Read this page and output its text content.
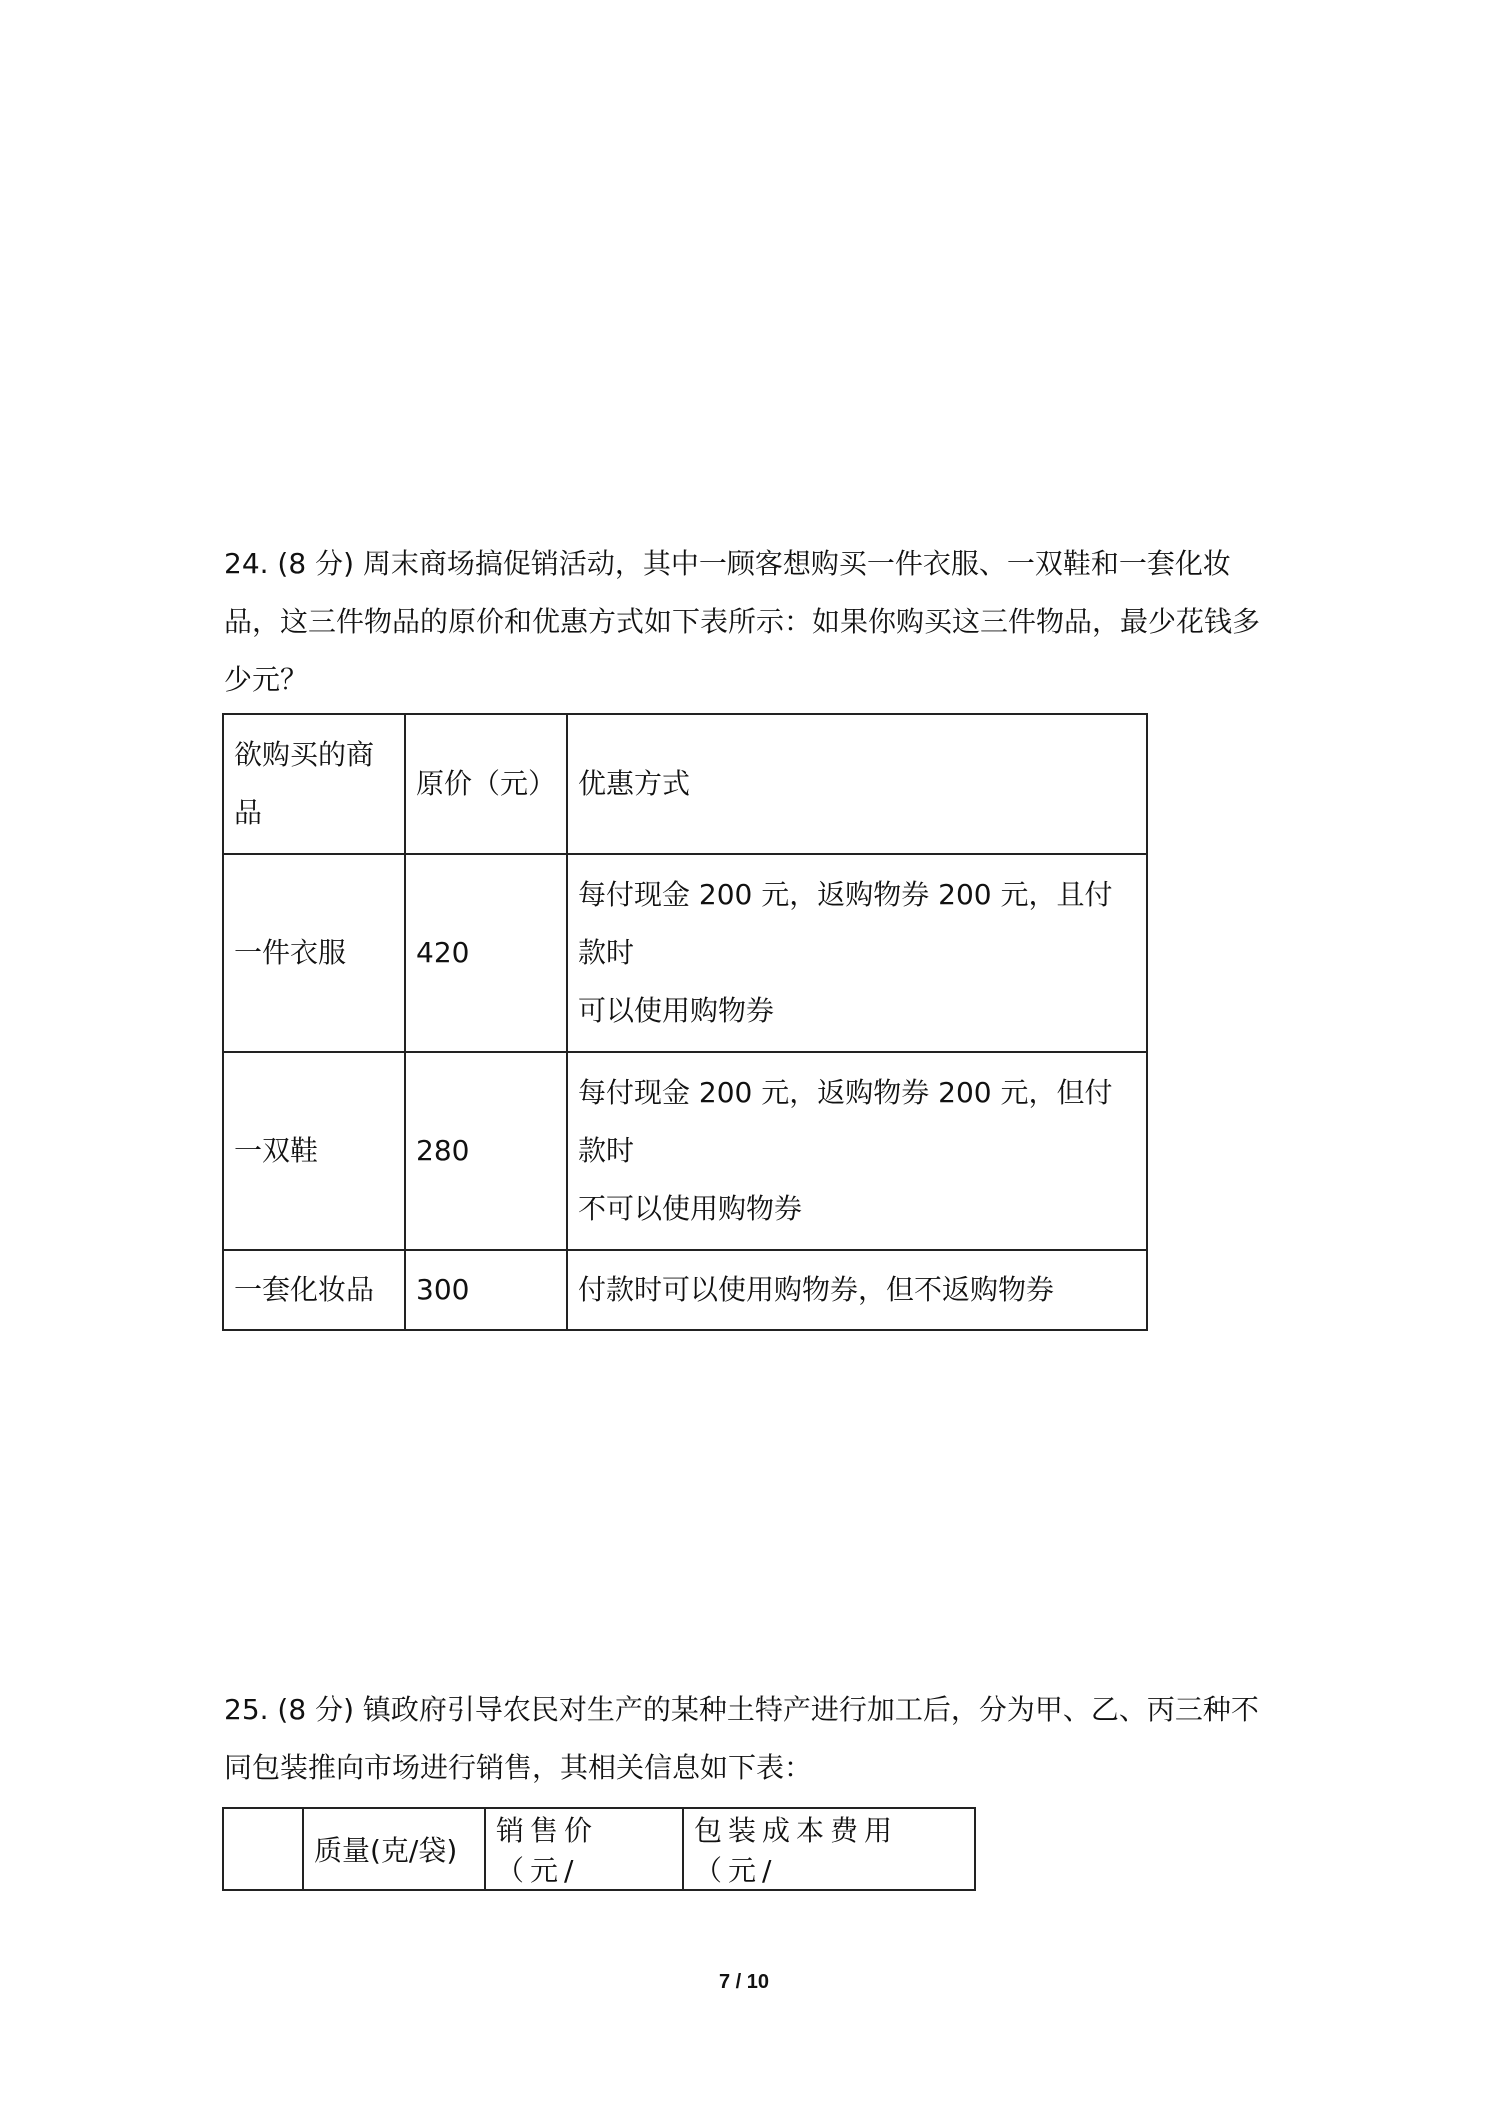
24. (8 分) 周末商场搞促销活动，其中一顾客想购买一件衣服、一双鞋和一套化妆品，这三件物品的原价和优惠方式如下表所示：如果你购买这三件物品，最少花钱多少元？

欲购买的商品	原价（元）	优惠方式
一件衣服	420	每付现金 200 元，返购物券 200 元，且付款时
可以使用购物券

一双鞋	280	每付现金 200 元，返购物券 200 元，但付款时
不可以使用购物券

一套化妆品	300	付款时可以使用购物券，但不返购物券

25. (8 分) 镇政府引导农民对生产的某种土特产进行加工后，分为甲、乙、丙三种不同包装推向市场进行销售，其相关信息如下表：

	质量(克/袋)	销售价（元/	包装成本费用（元/
7 / 10
